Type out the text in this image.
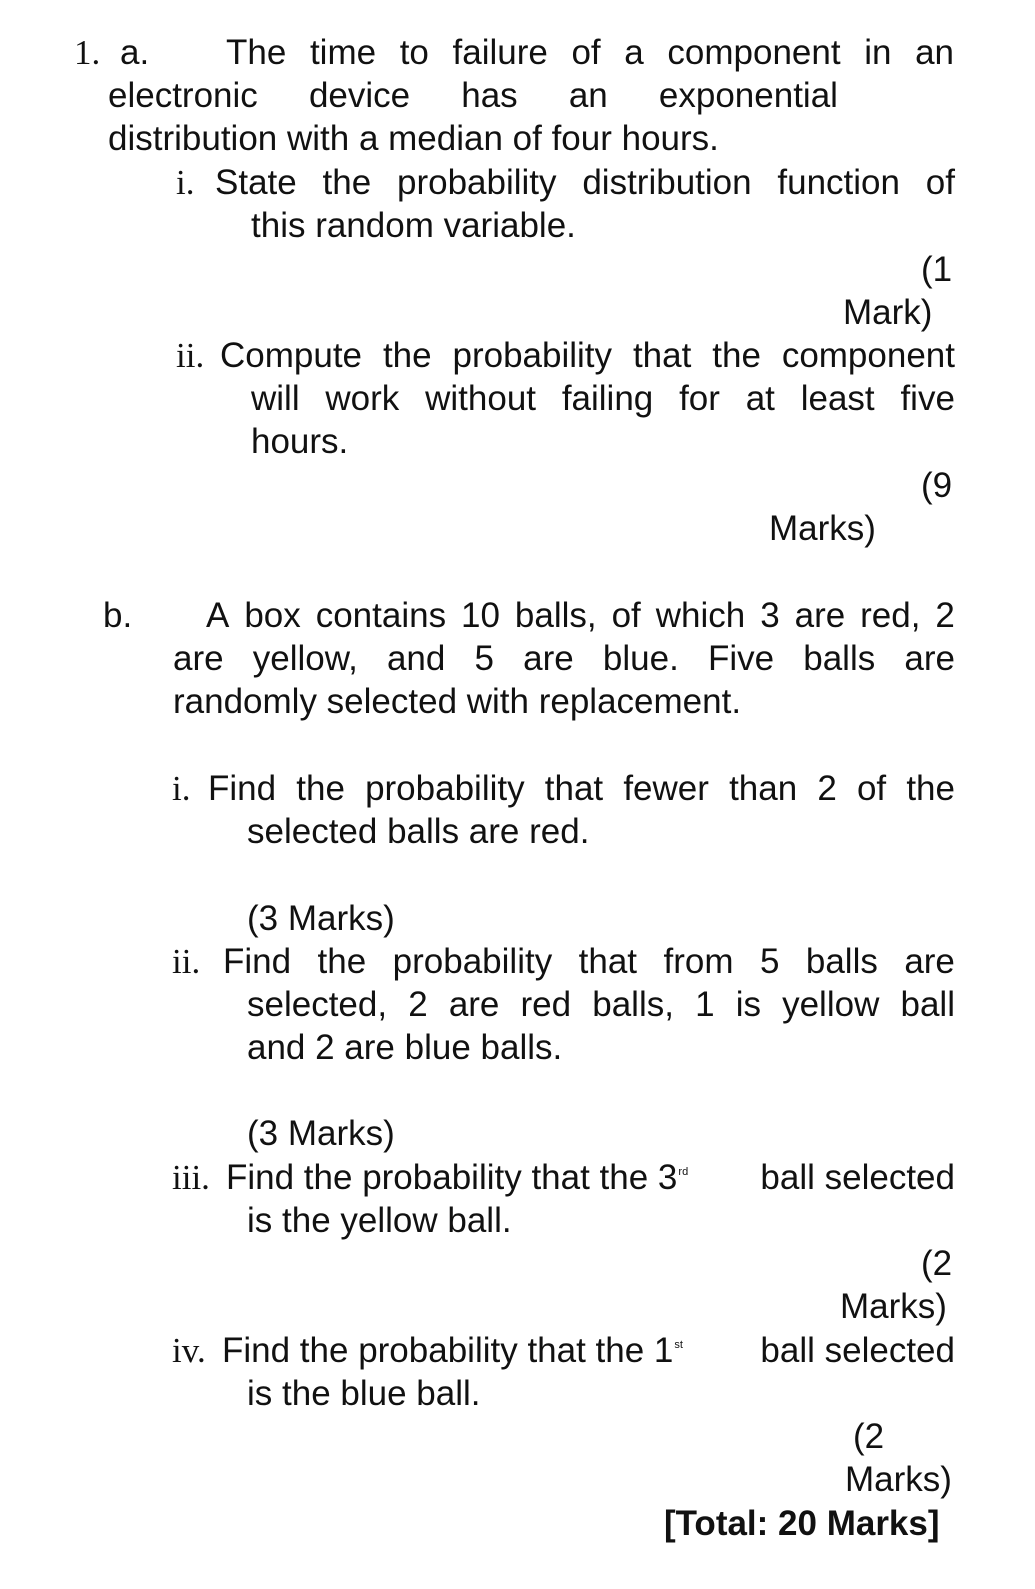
1. a. The time to failure of a component in an
electronic device has an exponential
distribution with a median of four hours.
i. State the probability distribution function of
this random variable.
(1
Mark)
ii. Compute the probability that the component
will work without failing for at least five
hours.
(9
Marks)
b. A box contains 10 balls, of which 3 are red, 2
are yellow, and 5 are blue. Five balls are
randomly selected with replacement.
i. Find the probability that fewer than 2 of the
selected balls are red.
(3 Marks)
ii. Find the probability that from 5 balls are
selected, 2 are red balls, 1 is yellow ball
and 2 are blue balls.
(3 Marks)
iii. Find the probability that the 3rd ball selected
is the yellow ball.
(2
Marks)
iv. Find the probability that the 1st ball selected
is the blue ball.
(2
Marks)
[Total: 20 Marks]
